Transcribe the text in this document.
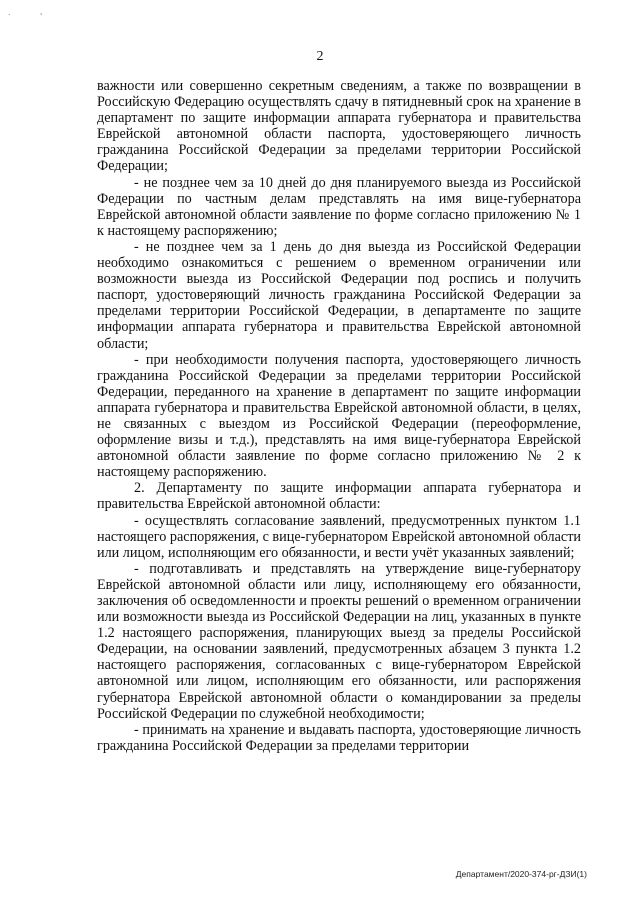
.	'
2

важности или совершенно секретным сведениям, а также по возвращении в Российскую Федерацию осуществлять сдачу в пятидневный срок на хранение в департамент по защите информации аппарата губернатора и правительства Еврейской автономной области паспорта, удостоверяющего личность гражданина Российской Федерации за пределами территории Российской Федерации;

- не позднее чем за 10 дней до дня планируемого выезда из Российской Федерации по частным делам представлять на имя вице-губернатора Еврейской автономной области заявление по форме согласно приложению № 1 к настоящему распоряжению;

- не позднее чем за 1 день до дня выезда из Российской Федерации необходимо ознакомиться с решением о временном ограничении или возможности выезда из Российской Федерации под роспись и получить паспорт, удостоверяющий личность гражданина Российской Федерации за пределами территории Российской Федерации, в департаменте по защите информации аппарата губернатора и правительства Еврейской автономной области;

- при необходимости получения паспорта, удостоверяющего личность гражданина Российской Федерации за пределами территории Российской Федерации, переданного на хранение в департамент по защите информации аппарата губернатора и правительства Еврейской автономной области, в целях, не связанных с выездом из Российской Федерации (переоформление, оформление визы и т.д.), представлять на имя вице-губернатора Еврейской автономной области заявление по форме согласно приложению № 2 к настоящему распоряжению.

2. Департаменту по защите информации аппарата губернатора и правительства Еврейской автономной области:

- осуществлять согласование заявлений, предусмотренных пунктом 1.1 настоящего распоряжения, с вице-губернатором Еврейской автономной области или лицом, исполняющим его обязанности, и вести учёт указанных заявлений;

- подготавливать и представлять на утверждение вице-губернатору Еврейской автономной области или лицу, исполняющему его обязанности, заключения об осведомленности и проекты решений о временном ограничении или возможности выезда из Российской Федерации на лиц, указанных в пункте 1.2 настоящего распоряжения, планирующих выезд за пределы Российской Федерации, на основании заявлений, предусмотренных абзацем 3 пункта 1.2 настоящего распоряжения, согласованных с вице-губернатором Еврейской автономной или лицом, исполняющим его обязанности, или распоряжения губернатора Еврейской автономной области о командировании за пределы Российской Федерации по служебной необходимости;

- принимать на хранение и выдавать паспорта, удостоверяющие личность гражданина Российской Федерации за пределами территории

Департамент/2020-374-рг-ДЗИ(1)
